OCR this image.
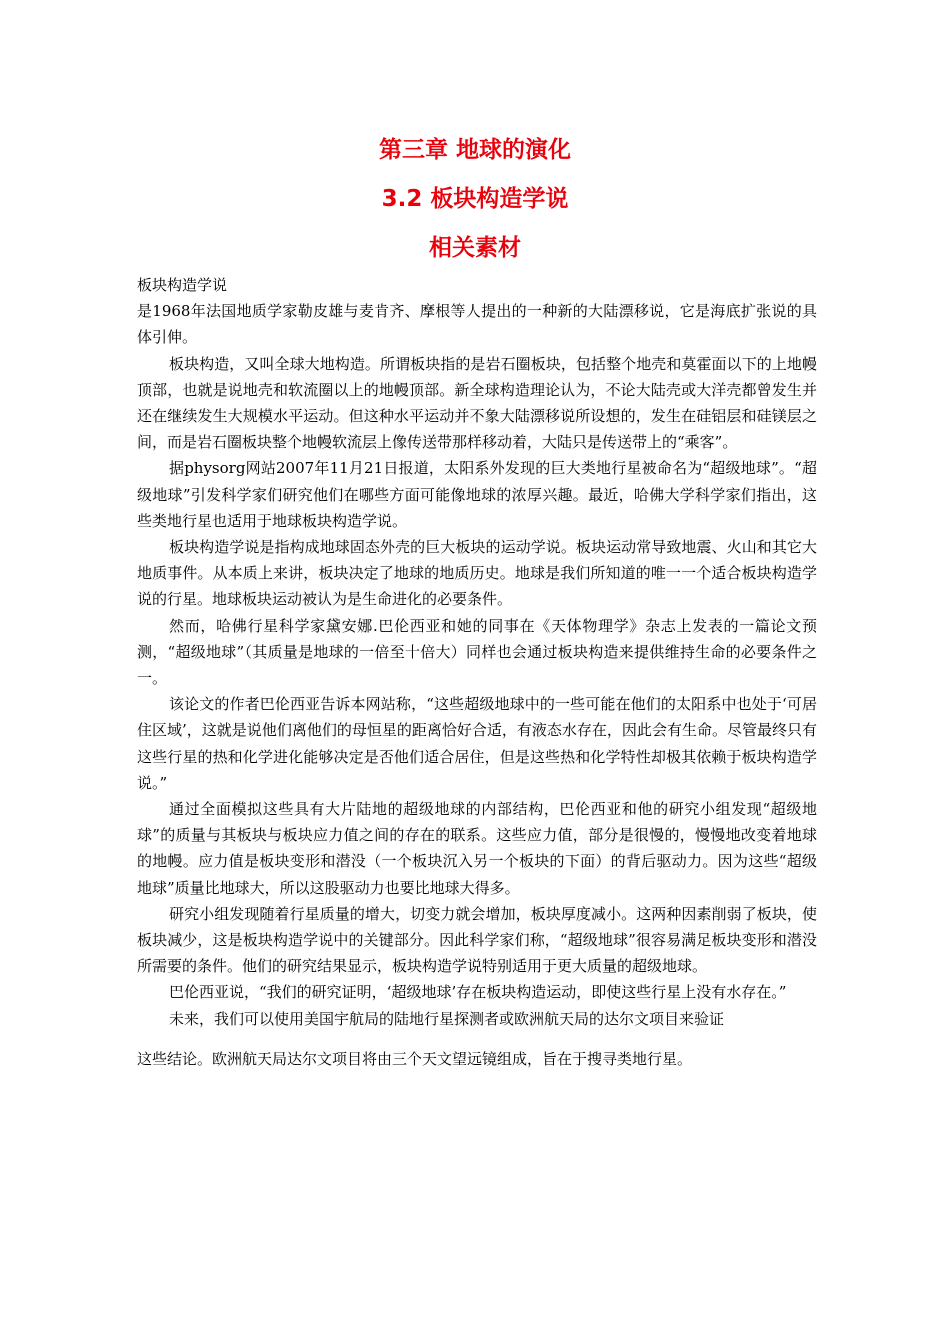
第三章 地球的演化
3.2 板块构造学说
相关素材

板块构造学说

是1968年法国地质学家勒皮雄与麦肯齐、摩根等人提出的一种新的大陆漂移说，它是海底扩张说的具体引伸。

板块构造，又叫全球大地构造。所谓板块指的是岩石圈板块，包括整个地壳和莫霍面以下的上地幔顶部，也就是说地壳和软流圈以上的地幔顶部。新全球构造理论认为，不论大陆壳或大洋壳都曾发生并还在继续发生大规模水平运动。但这种水平运动并不象大陆漂移说所设想的，发生在硅铝层和硅镁层之间，而是岩石圈板块整个地幔软流层上像传送带那样移动着，大陆只是传送带上的“乘客”。

据physorg网站2007年11月21日报道，太阳系外发现的巨大类地行星被命名为“超级地球”。“超级地球”引发科学家们研究他们在哪些方面可能像地球的浓厚兴趣。最近，哈佛大学科学家们指出，这些类地行星也适用于地球板块构造学说。

板块构造学说是指构成地球固态外壳的巨大板块的运动学说。板块运动常导致地震、火山和其它大地质事件。从本质上来讲，板块决定了地球的地质历史。地球是我们所知道的唯一一个适合板块构造学说的行星。地球板块运动被认为是生命进化的必要条件。

然而，哈佛行星科学家黛安娜.巴伦西亚和她的同事在《天体物理学》杂志上发表的一篇论文预测，“超级地球”（其质量是地球的一倍至十倍大）同样也会通过板块构造来提供维持生命的必要条件之一。

该论文的作者巴伦西亚告诉本网站称，“这些超级地球中的一些可能在他们的太阳系中也处于‘可居住区域’，这就是说他们离他们的母恒星的距离恰好合适，有液态水存在，因此会有生命。尽管最终只有这些行星的热和化学进化能够决定是否他们适合居住，但是这些热和化学特性却极其依赖于板块构造学说。”

通过全面模拟这些具有大片陆地的超级地球的内部结构，巴伦西亚和他的研究小组发现“超级地球”的质量与其板块与板块应力值之间的存在的联系。这些应力值，部分是很慢的，慢慢地改变着地球的地幔。应力值是板块变形和潜没（一个板块沉入另一个板块的下面）的背后驱动力。因为这些“超级地球”质量比地球大，所以这股驱动力也要比地球大得多。

研究小组发现随着行星质量的增大，切变力就会增加，板块厚度减小。这两种因素削弱了板块，使板块减少，这是板块构造学说中的关键部分。因此科学家们称，“超级地球”很容易满足板块变形和潜没所需要的条件。他们的研究结果显示，板块构造学说特别适用于更大质量的超级地球。

巴伦西亚说，“我们的研究证明，‘超级地球’存在板块构造运动，即使这些行星上没有水存在。”

未来，我们可以使用美国宇航局的陆地行星探测者或欧洲航天局的达尔文项目来验证

这些结论。欧洲航天局达尔文项目将由三个天文望远镜组成，旨在于搜寻类地行星。
